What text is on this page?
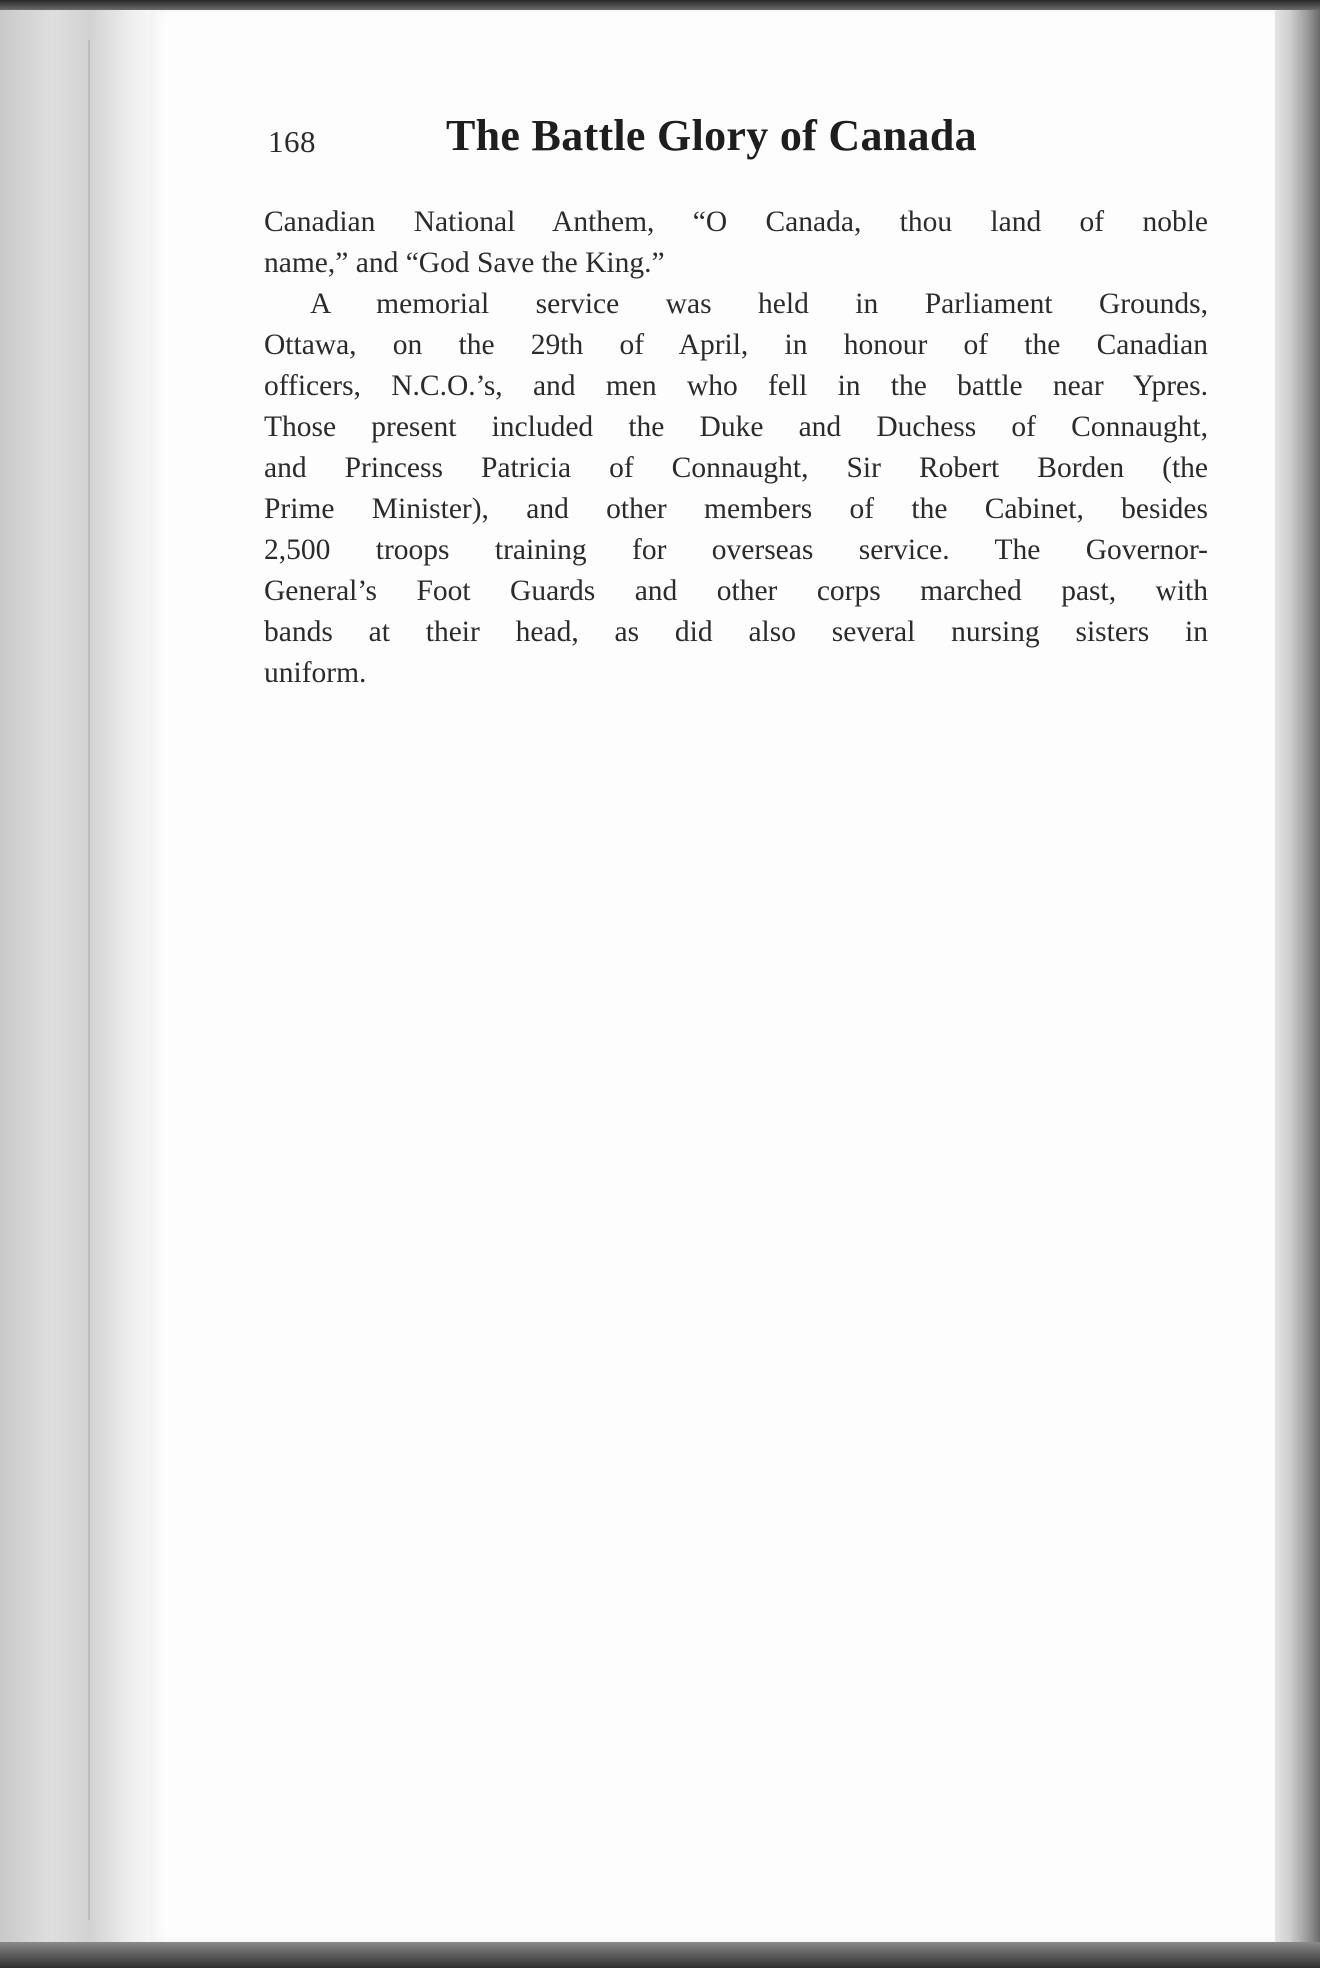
168	The Battle Glory of Canada
Canadian National Anthem, “O Canada, thou land of noble
name,” and “God Save the King.”
A memorial service was held in Parliament Grounds,
Ottawa, on the 29th of April, in honour of the Canadian
officers, N.C.O.’s, and men who fell in the battle near Ypres.
Those present included the Duke and Duchess of Connaught,
and Princess Patricia of Connaught, Sir Robert Borden (the
Prime Minister), and other members of the Cabinet, besides
2,500 troops training for overseas service. The Governor-
General’s Foot Guards and other corps marched past, with
bands at their head, as did also several nursing sisters in
uniform.
